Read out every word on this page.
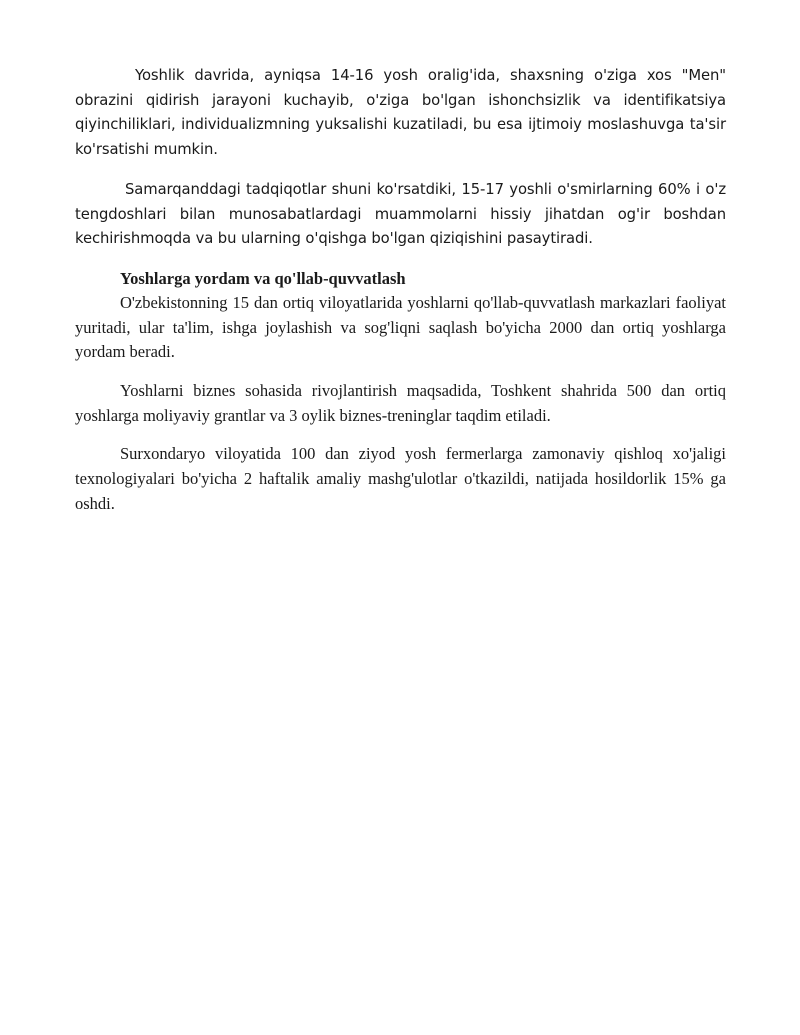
Yoshlik davrida, ayniqsa 14-16 yosh oralig'ida, shaxsning o'ziga xos "Men" obrazini qidirish jarayoni kuchayib, o'ziga bo'lgan ishonchsizlik va identifikatsiya qiyinchiliklari, individualizmning yuksalishi kuzatiladi, bu esa ijtimoiy moslashuvga ta'sir ko'rsatishi mumkin.

Samarqanddagi tadqiqotlar shuni ko'rsatdiki, 15-17 yoshli o'smirlarning 60% i o'z tengdoshlari bilan munosabatlardagi muammolarni hissiy jihatdan og'ir boshdan kechirishmoqda va bu ularning o'qishga bo'lgan qiziqishini pasaytiradi.

Yoshlarga yordam va qo'llab-quvvatlash

O'zbekistonning 15 dan ortiq viloyatlarida yoshlarni qo'llab-quvvatlash markazlari faoliyat yuritadi, ular ta'lim, ishga joylashish va sog'liqni saqlash bo'yicha 2000 dan ortiq yoshlarga yordam beradi.

Yoshlarni biznes sohasida rivojlantirish maqsadida, Toshkent shahrida 500 dan ortiq yoshlarga moliyaviy grantlar va 3 oylik biznes-treninglar taqdim etiladi.

Surxondaryo viloyatida 100 dan ziyod yosh fermerlarga zamonaviy qishloq xo'jaligi texnologiyalari bo'yicha 2 haftalik amaliy mashg'ulotlar o'tkazildi, natijada hosildorlik 15% ga oshdi.
